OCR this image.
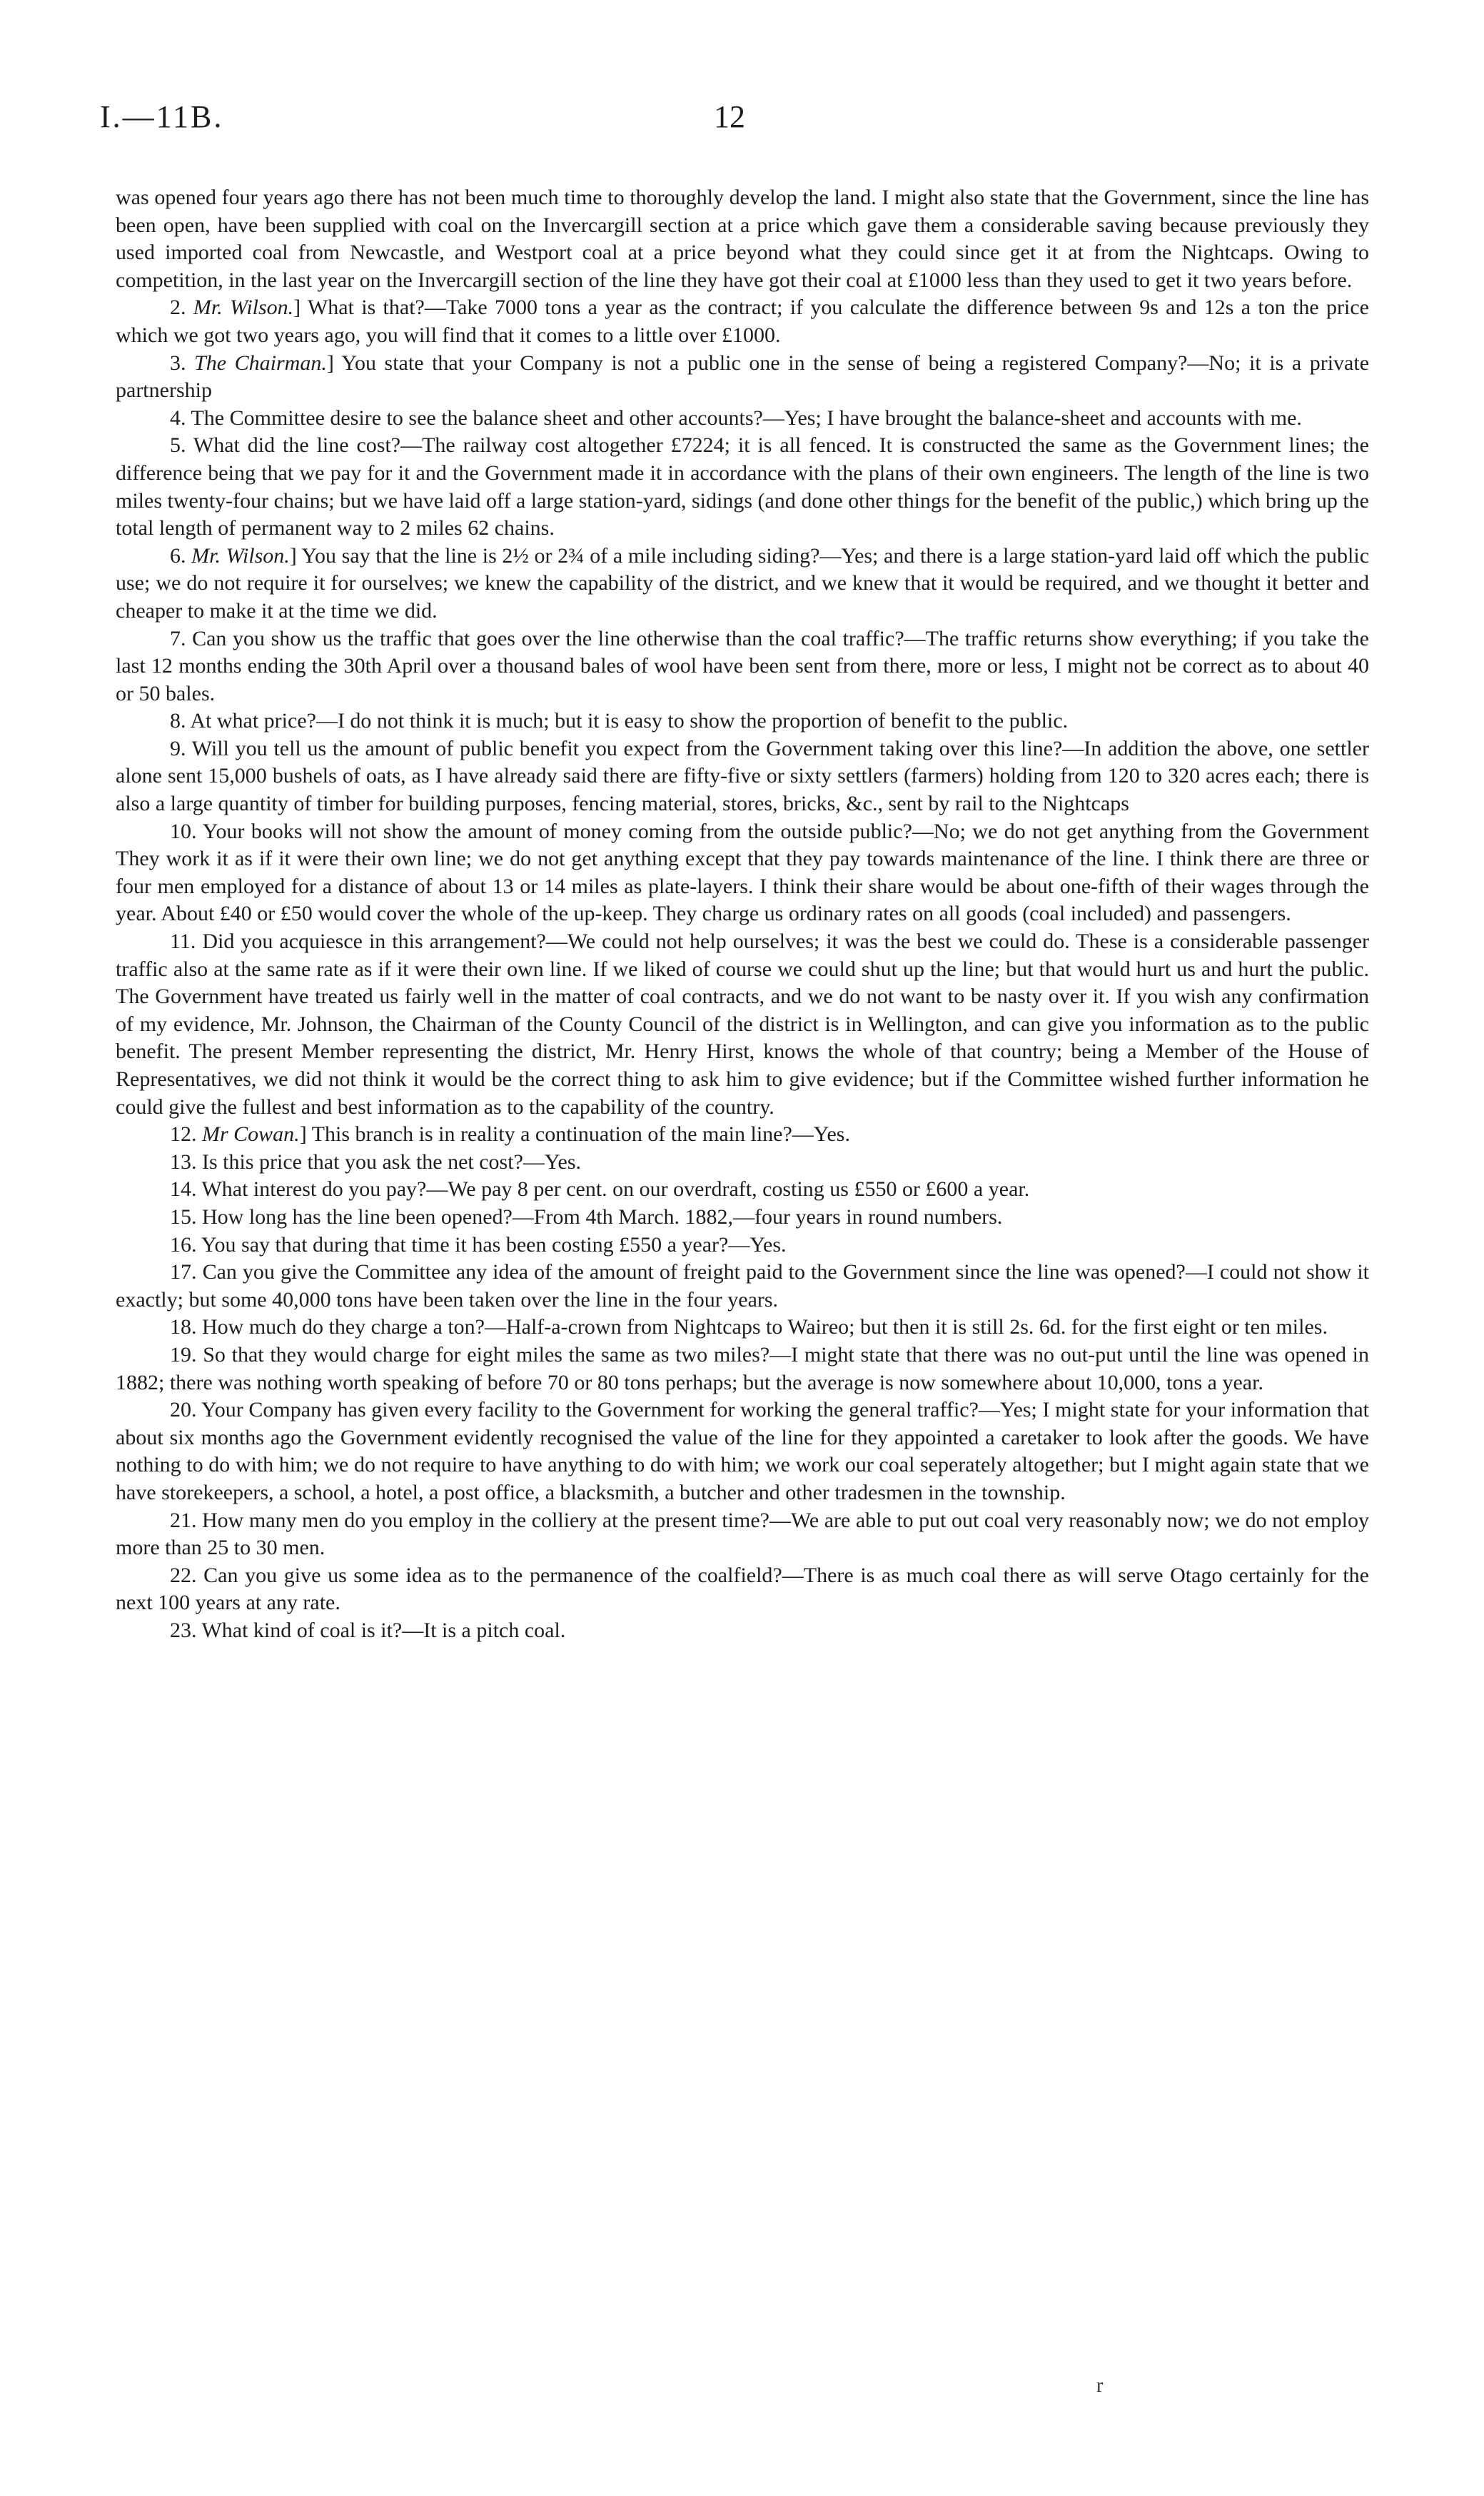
I.—11B.	12

was opened four years ago there has not been much time to thoroughly develop the land. I might also state that the Government, since the line has been open, have been supplied with coal on the Invercargill section at a price which gave them a considerable saving because previously they used imported coal from Newcastle, and Westport coal at a price beyond what they could since get it at from the Nightcaps. Owing to competition, in the last year on the Invercargill section of the line they have got their coal at £1000 less than they used to get it two years before.

2. Mr. Wilson.] What is that?—Take 7000 tons a year as the contract; if you calculate the difference between 9s and 12s a ton the price which we got two years ago, you will find that it comes to a little over £1000.

3. The Chairman.] You state that your Company is not a public one in the sense of being a registered Company?—No; it is a private partnership

4. The Committee desire to see the balance sheet and other accounts?—Yes; I have brought the balance-sheet and accounts with me.

5. What did the line cost?—The railway cost altogether £7224; it is all fenced. It is constructed the same as the Government lines; the difference being that we pay for it and the Government made it in accordance with the plans of their own engineers. The length of the line is two miles twenty-four chains; but we have laid off a large station-yard, sidings (and done other things for the benefit of the public,) which bring up the total length of permanent way to 2 miles 62 chains.

6. Mr. Wilson.] You say that the line is 2½ or 2¾ of a mile including siding?—Yes; and there is a large station-yard laid off which the public use; we do not require it for ourselves; we knew the capability of the district, and we knew that it would be required, and we thought it better and cheaper to make it at the time we did.

7. Can you show us the traffic that goes over the line otherwise than the coal traffic?—The traffic returns show everything; if you take the last 12 months ending the 30th April over a thousand bales of wool have been sent from there, more or less, I might not be correct as to about 40 or 50 bales.

8. At what price?—I do not think it is much; but it is easy to show the proportion of benefit to the public.

9. Will you tell us the amount of public benefit you expect from the Government taking over this line?—In addition the above, one settler alone sent 15,000 bushels of oats, as I have already said there are fifty-five or sixty settlers (farmers) holding from 120 to 320 acres each; there is also a large quantity of timber for building purposes, fencing material, stores, bricks, &c., sent by rail to the Nightcaps

10. Your books will not show the amount of money coming from the outside public?—No; we do not get anything from the Government They work it as if it were their own line; we do not get anything except that they pay towards maintenance of the line. I think there are three or four men employed for a distance of about 13 or 14 miles as plate-layers. I think their share would be about one-fifth of their wages through the year. About £40 or £50 would cover the whole of the up-keep. They charge us ordinary rates on all goods (coal included) and passengers.

11. Did you acquiesce in this arrangement?—We could not help ourselves; it was the best we could do. These is a considerable passenger traffic also at the same rate as if it were their own line. If we liked of course we could shut up the line; but that would hurt us and hurt the public. The Government have treated us fairly well in the matter of coal contracts, and we do not want to be nasty over it. If you wish any confirmation of my evidence, Mr. Johnson, the Chairman of the County Council of the district is in Wellington, and can give you information as to the public benefit. The present Member representing the district, Mr. Henry Hirst, knows the whole of that country; being a Member of the House of Representatives, we did not think it would be the correct thing to ask him to give evidence; but if the Committee wished further information he could give the fullest and best information as to the capability of the country.

12. Mr Cowan.] This branch is in reality a continuation of the main line?—Yes.

13. Is this price that you ask the net cost?—Yes.

14. What interest do you pay?—We pay 8 per cent. on our overdraft, costing us £550 or £600 a year.

15. How long has the line been opened?—From 4th March. 1882,—four years in round numbers.

16. You say that during that time it has been costing £550 a year?—Yes.

17. Can you give the Committee any idea of the amount of freight paid to the Government since the line was opened?—I could not show it exactly; but some 40,000 tons have been taken over the line in the four years.

18. How much do they charge a ton?—Half-a-crown from Nightcaps to Waireo; but then it is still 2s. 6d. for the first eight or ten miles.

19. So that they would charge for eight miles the same as two miles?—I might state that there was no out-put until the line was opened in 1882; there was nothing worth speaking of before 70 or 80 tons perhaps; but the average is now somewhere about 10,000, tons a year.

20. Your Company has given every facility to the Government for working the general traffic?—Yes; I might state for your information that about six months ago the Government evidently recognised the value of the line for they appointed a caretaker to look after the goods. We have nothing to do with him; we do not require to have anything to do with him; we work our coal seperately altogether; but I might again state that we have storekeepers, a school, a hotel, a post office, a blacksmith, a butcher and other tradesmen in the township.

21. How many men do you employ in the colliery at the present time?—We are able to put out coal very reasonably now; we do not employ more than 25 to 30 men.

22. Can you give us some idea as to the permanence of the coalfield?—There is as much coal there as will serve Otago certainly for the next 100 years at any rate.

23. What kind of coal is it?—It is a pitch coal.

r
